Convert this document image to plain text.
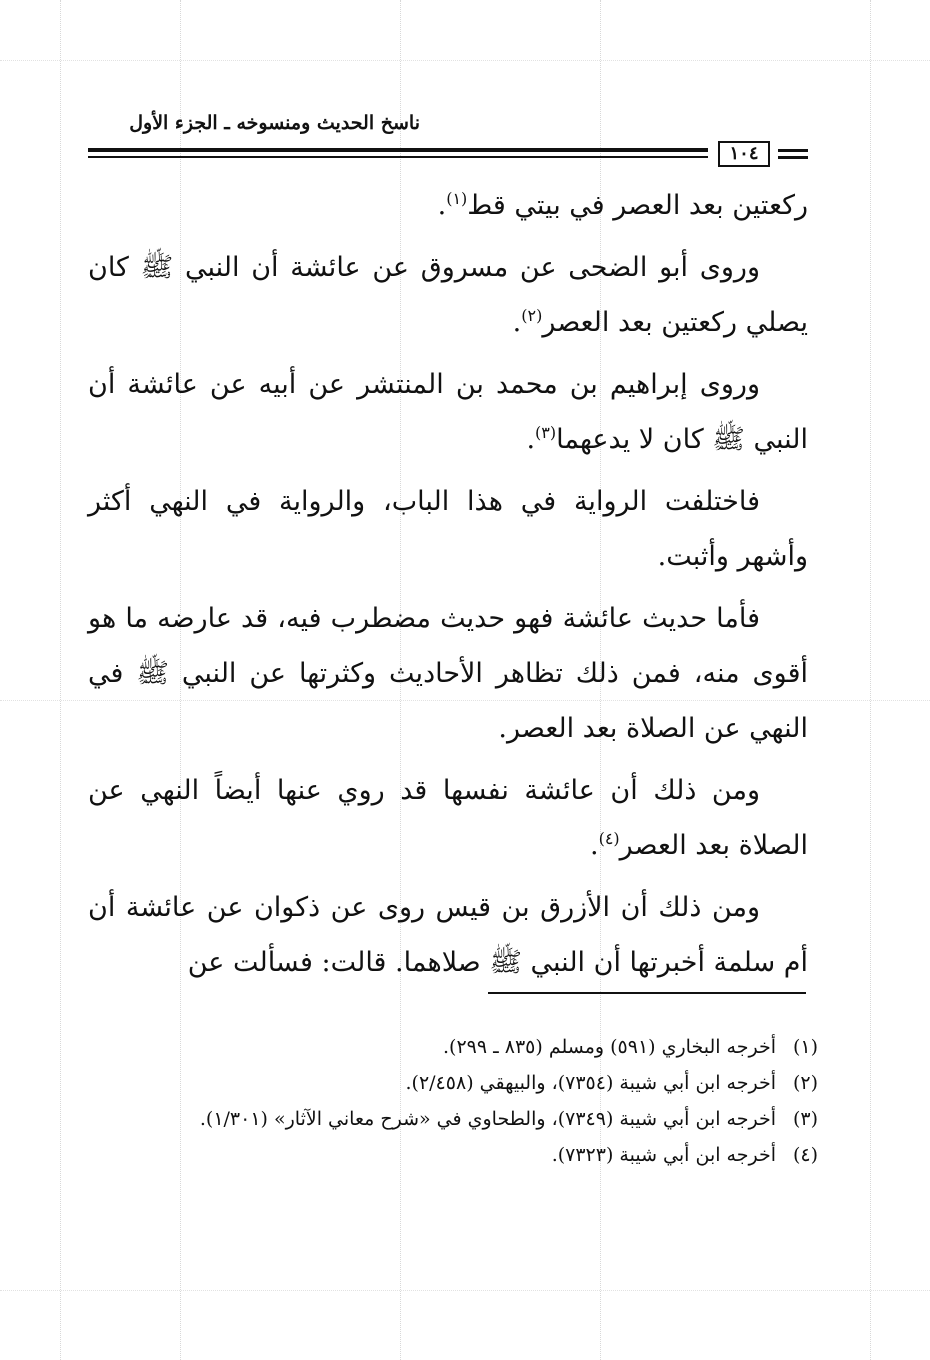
ناسخ الحديث ومنسوخه ـ الجزء الأول
١٠٤

ركعتين بعد العصر في بيتي قط$^{(١)}$.

وروى أبو الضحى عن مسروق عن عائشة أن النبي ﷺ كان يصلي ركعتين بعد العصر$^{(٢)}$.

وروى إبراهيم بن محمد بن المنتشر عن أبيه عن عائشة أن النبي ﷺ كان لا يدعهما$^{(٣)}$.

فاختلفت الرواية في هذا الباب، والرواية في النهي أكثر وأشهر وأثبت.

فأما حديث عائشة فهو حديث مضطرب فيه، قد عارضه ما هو أقوى منه، فمن ذلك تظاهر الأحاديث وكثرتها عن النبي ﷺ في النهي عن الصلاة بعد العصر.

ومن ذلك أن عائشة نفسها قد روي عنها أيضاً النهي عن الصلاة بعد العصر$^{(٤)}$.

ومن ذلك أن الأزرق بن قيس روى عن ذكوان عن عائشة أن أم سلمة أخبرتها أن النبي ﷺ صلاهما. قالت: فسألت عن

(١)
أخرجه البخاري (٥٩١) ومسلم (٨٣٥ ـ ٢٩٩).
(٢)
أخرجه ابن أبي شيبة (٧٣٥٤)، والبيهقي (٢/٤٥٨).
(٣)
أخرجه ابن أبي شيبة (٧٣٤٩)، والطحاوي في «شرح معاني الآثار» (١/٣٠١).
(٤)
أخرجه ابن أبي شيبة (٧٣٢٣).
